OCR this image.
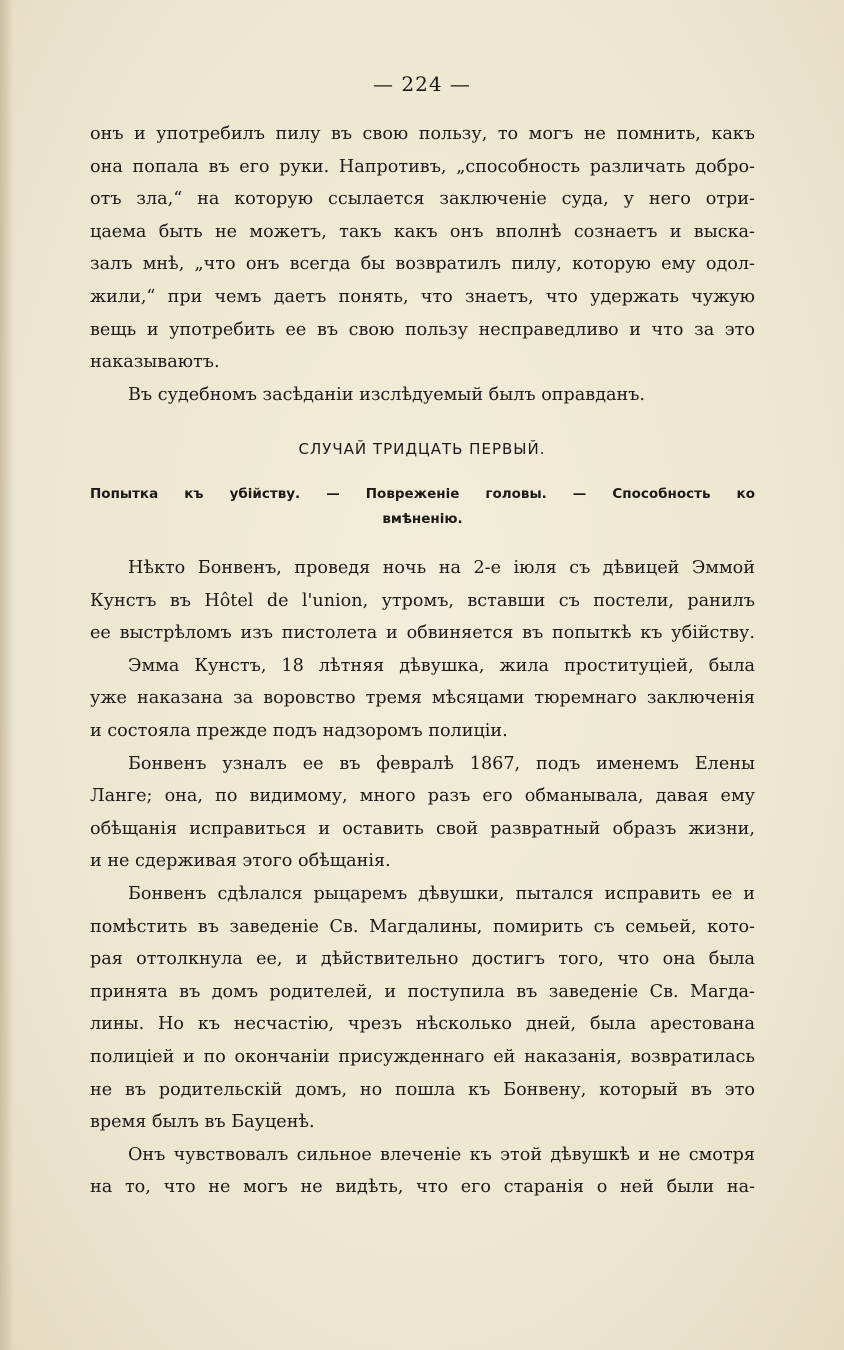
— 224 —
онъ и употребилъ пилу въ свою пользу, то могъ не помнить, какъ
она попала въ его руки. Напротивъ, „способность различать добро-
отъ зла,“ на которую ссылается заключенie суда, у него отри-
цаема быть не можетъ, такъ какъ онъ вполнѣ сознаетъ и выска-
залъ мнѣ, „что онъ всегда бы возвратилъ пилу, которую ему одол-
жили,“ при чемъ даетъ понять, что знаетъ, что удержать чужую
вещь и употребить ее въ свою пользу несправедливо и что за это
наказываютъ.
Въ судебномъ засѣданiи изслѣдуемый былъ оправданъ.
СЛУЧАЙ ТРИДЦАТЬ ПЕРВЫЙ.
Попытка къ убійству. — Повреженiе головы. — Способность ко
вмѣненію.
Нѣкто Бонвенъ, проведя ночь на 2-е iюля съ дѣвицей Эммой
Кунстъ въ Hôtel de l'union, утромъ, вставши съ постели, ранилъ
ее выстрѣломъ изъ пистолета и обвиняется въ попыткѣ къ убійству.
Эмма Кунстъ, 18 лѣтняя дѣвушка, жила проституцiей, была
уже наказана за воровство тремя мѣсяцами тюремнаго заключенiя
и состояла прежде подъ надзоромъ полицiи.
Бонвенъ узналъ ее въ февралѣ 1867, подъ именемъ Елены
Ланге; она, по видимому, много разъ его обманывала, давая ему
обѣщанiя исправиться и оставить свой развратный образъ жизни,
и не сдерживая этого обѣщанiя.
Бонвенъ сдѣлался рыцаремъ дѣвушки, пытался исправить ее и
помѣстить въ заведенiе Св. Магдалины, помирить съ семьей, кото-
рая оттолкнула ее, и дѣйствительно достигъ того, что она была
принята въ домъ родителей, и поступила въ заведенiе Св. Магда-
лины. Но къ несчастiю, чрезъ нѣсколько дней, была арестована
полицiей и по окончанiи присужденнаго ей наказанiя, возвратилась
не въ родительскiй домъ, но пошла къ Бонвену, который въ это
время былъ въ Бауценѣ.
Онъ чувствовалъ сильное влеченiе къ этой дѣвушкѣ и не смотря
на то, что не могъ не видѣть, что его старанiя о ней были на-
